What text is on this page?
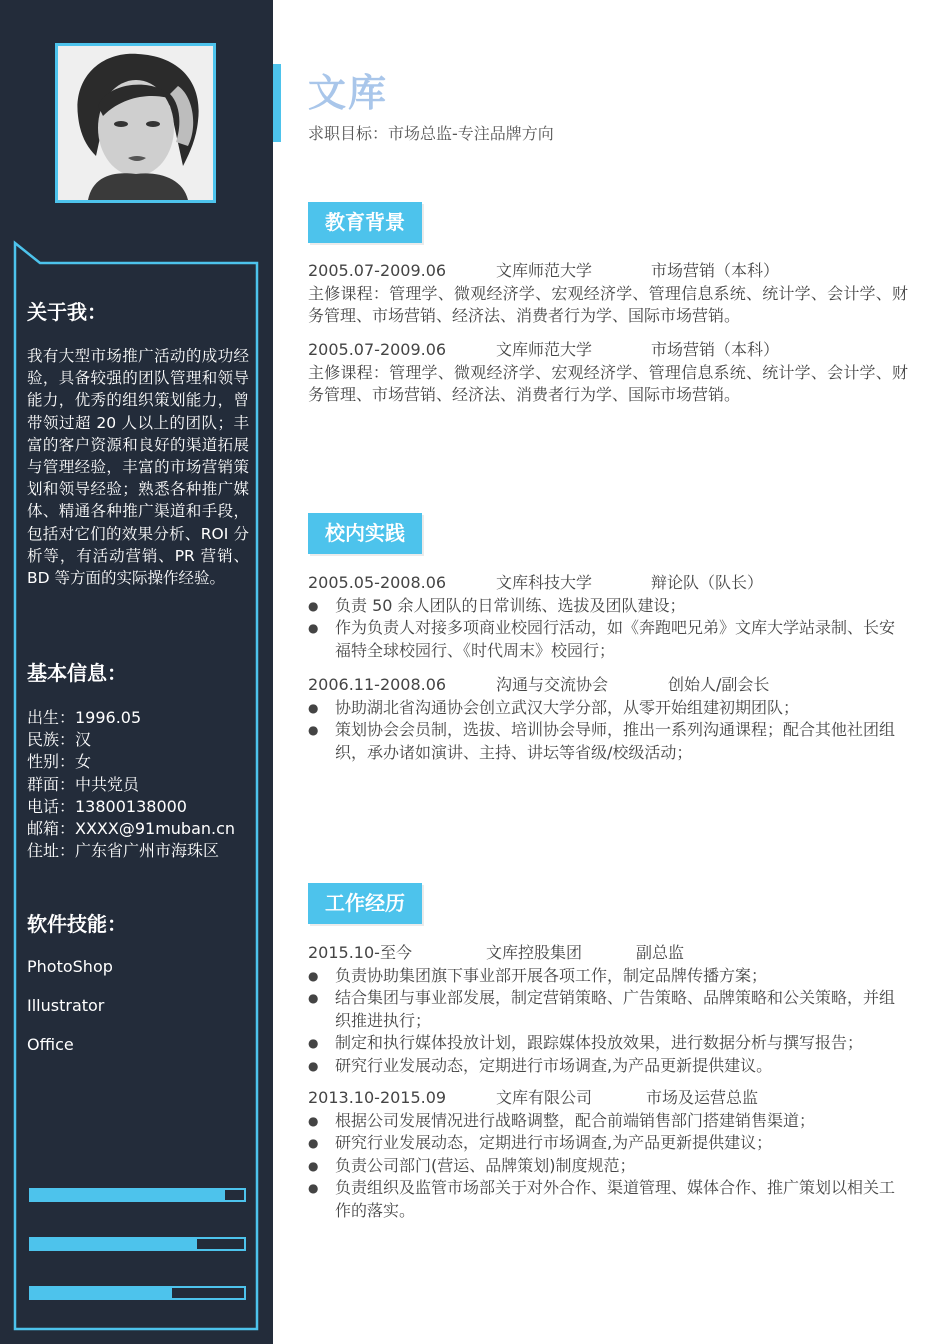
关于我：

我有大型市场推广活动的成功经验，具备较强的团队管理和领导能力，优秀的组织策划能力，曾带领过超 20 人以上的团队；丰富的客户资源和良好的渠道拓展与管理经验，丰富的市场营销策划和领导经验；熟悉各种推广媒体、精通各种推广渠道和手段，包括对它们的效果分析、ROI 分析等，有活动营销、PR 营销、BD 等方面的实际操作经验。

基本信息：
出生：1996.05
民族：汉
性别：女
群面：中共党员
电话：13800138000
邮箱：XXXX@91muban.cn
住址：广东省广州市海珠区
软件技能：
PhotoShop
Illustrator
Office
文库
求职目标：市场总监-专注品牌方向
教育背景
2005.07-2009.06	文库师范大学	市场营销（本科）

主修课程：管理学、微观经济学、宏观经济学、管理信息系统、统计学、会计学、财务管理、市场营销、经济法、消费者行为学、国际市场营销。

2005.07-2009.06	文库师范大学	市场营销（本科）

主修课程：管理学、微观经济学、宏观经济学、管理信息系统、统计学、会计学、财务管理、市场营销、经济法、消费者行为学、国际市场营销。

校内实践
2005.05-2008.06	文库科技大学	辩论队（队长）
● 负责 50 余人团队的日常训练、选拔及团队建设；
● 作为负责人对接多项商业校园行活动，如《奔跑吧兄弟》文库大学站录制、长安福特全球校园行、《时代周末》校园行；
2006.11-2008.06	沟通与交流协会	创始人/副会长
● 协助湖北省沟通协会创立武汉大学分部，从零开始组建初期团队；
● 策划协会会员制，选拔、培训协会导师，推出一系列沟通课程；配合其他社团组织，承办诸如演讲、主持、讲坛等省级/校级活动；
工作经历
2015.10-至今	文库控股集团	副总监
● 负责协助集团旗下事业部开展各项工作，制定品牌传播方案；
● 结合集团与事业部发展，制定营销策略、广告策略、品牌策略和公关策略，并组织推进执行；
● 制定和执行媒体投放计划，跟踪媒体投放效果，进行数据分析与撰写报告；
● 研究行业发展动态，定期进行市场调查,为产品更新提供建议。
2013.10-2015.09	文库有限公司	市场及运营总监
● 根据公司发展情况进行战略调整，配合前端销售部门搭建销售渠道；
● 研究行业发展动态，定期进行市场调查,为产品更新提供建议；
● 负责公司部门(营运、品牌策划)制度规范；
● 负责组织及监管市场部关于对外合作、渠道管理、媒体合作、推广策划以相关工作的落实。
